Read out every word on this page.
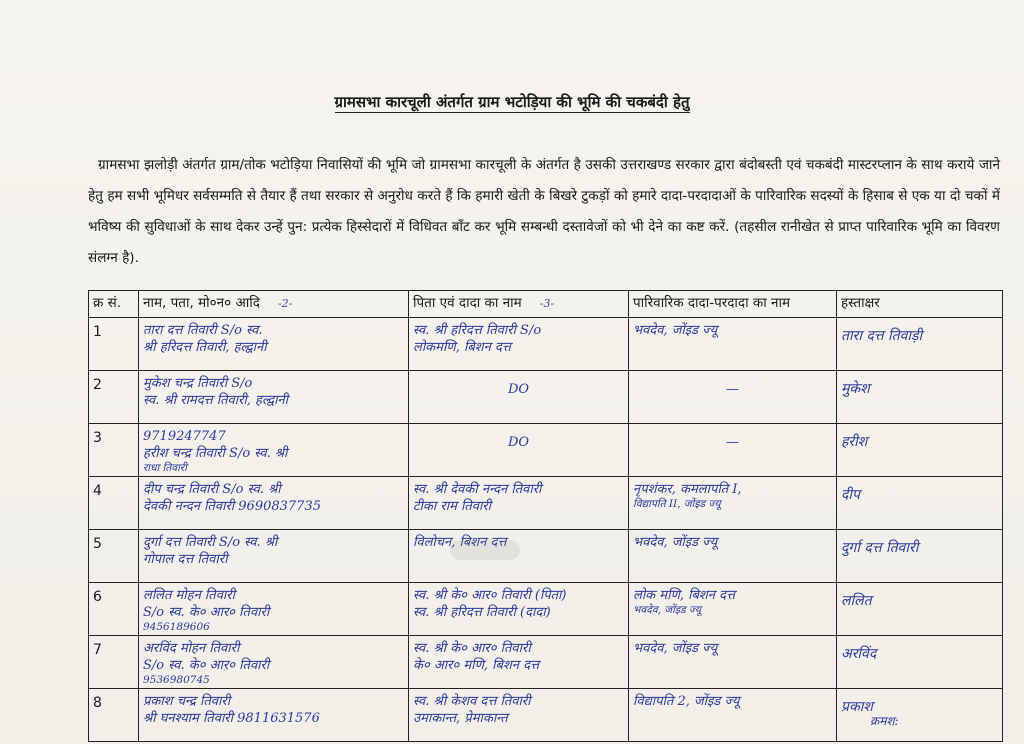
ग्रामसभा कारचूली अंतर्गत ग्राम भटोड़िया की भूमि की चकबंदी हेतु
ग्रामसभा झलोड़ी अंतर्गत ग्राम/तोक भटोड़िया निवासियों की भूमि जो ग्रामसभा कारचूली के अंतर्गत है उसकी उत्तराखण्ड सरकार द्वारा बंदोबस्ती एवं चकबंदी मास्टरप्लान के साथ कराये जाने हेतु हम सभी भूमिधर सर्वसम्मति से तैयार हैं तथा सरकार से अनुरोध करते हैं कि हमारी खेती के बिखरे टुकड़ों को हमारे दादा-परदादाओं के पारिवारिक सदस्यों के हिसाब से एक या दो चकों में भविष्य की सुविधाओं के साथ देकर उन्हें पुन: प्रत्येक हिस्सेदारों में विधिवत बाँट कर भूमि सम्बन्धी दस्तावेजों को भी देने का कष्ट करें. (तहसील रानीखेत से प्राप्त पारिवारिक भूमि का विवरण संलग्न है).
क्र सं.	नाम, पता, मो०न० आदि -2-	पिता एवं दादा का नाम -3-	पारिवारिक दादा-परदादा का नाम	हस्ताक्षर
1	तारा दत्त तिवारी S/o स्व.
श्री हरिदत्त तिवारी, हल्द्वानी	स्व. श्री हरिदत्त तिवारी S/o
लोकमणि, बिशन दत्त	भवदेव, जोंइड ज्यू	तारा दत्त तिवाड़ी

2	मुकेश चन्द्र तिवारी S/o
स्व. श्री रामदत्त तिवारी, हल्द्वानी	DO	—	मुकेश

3	9719247747
हरीश चन्द्र तिवारी S/o स्व. श्री
राधा तिवारी	DO	—	हरीश

4	दीप चन्द्र तिवारी S/o स्व. श्री
देवकी नन्दन तिवारी 9690837735	स्व. श्री देवकी नन्दन तिवारी
टीका राम तिवारी	नृपशंकर, कमलापति I,
विद्यापति II, जोंइड ज्यू	दीप

5	दुर्गा दत्त तिवारी S/o स्व. श्री
गोपाल दत्त तिवारी	विलोचन, बिशन दत्त	भवदेव, जोंइड ज्यू	दुर्गा दत्त तिवारी

6	ललित मोहन तिवारी
S/o स्व. के० आर० तिवारी
9456189606	स्व. श्री के० आर० तिवारी (पिता)
स्व. श्री हरिदत्त तिवारी (दादा)	लोक मणि, बिशन दत्त
भवदेव, जोंइड ज्यू	ललित

7	अरविंद मोहन तिवारी
S/o स्व. के० आर० तिवारी
9536980745	स्व. श्री के० आर० तिवारी
के० आर० मणि, बिशन दत्त	भवदेव, जोंइड ज्यू	अरविंद

8	प्रकाश चन्द्र तिवारी
श्री घनश्याम तिवारी 9811631576	स्व. श्री केशव दत्त तिवारी
उमाकान्त, प्रेमाकान्त	विद्यापति 2, जोंइड ज्यू	प्रकाश
क्रमश:
